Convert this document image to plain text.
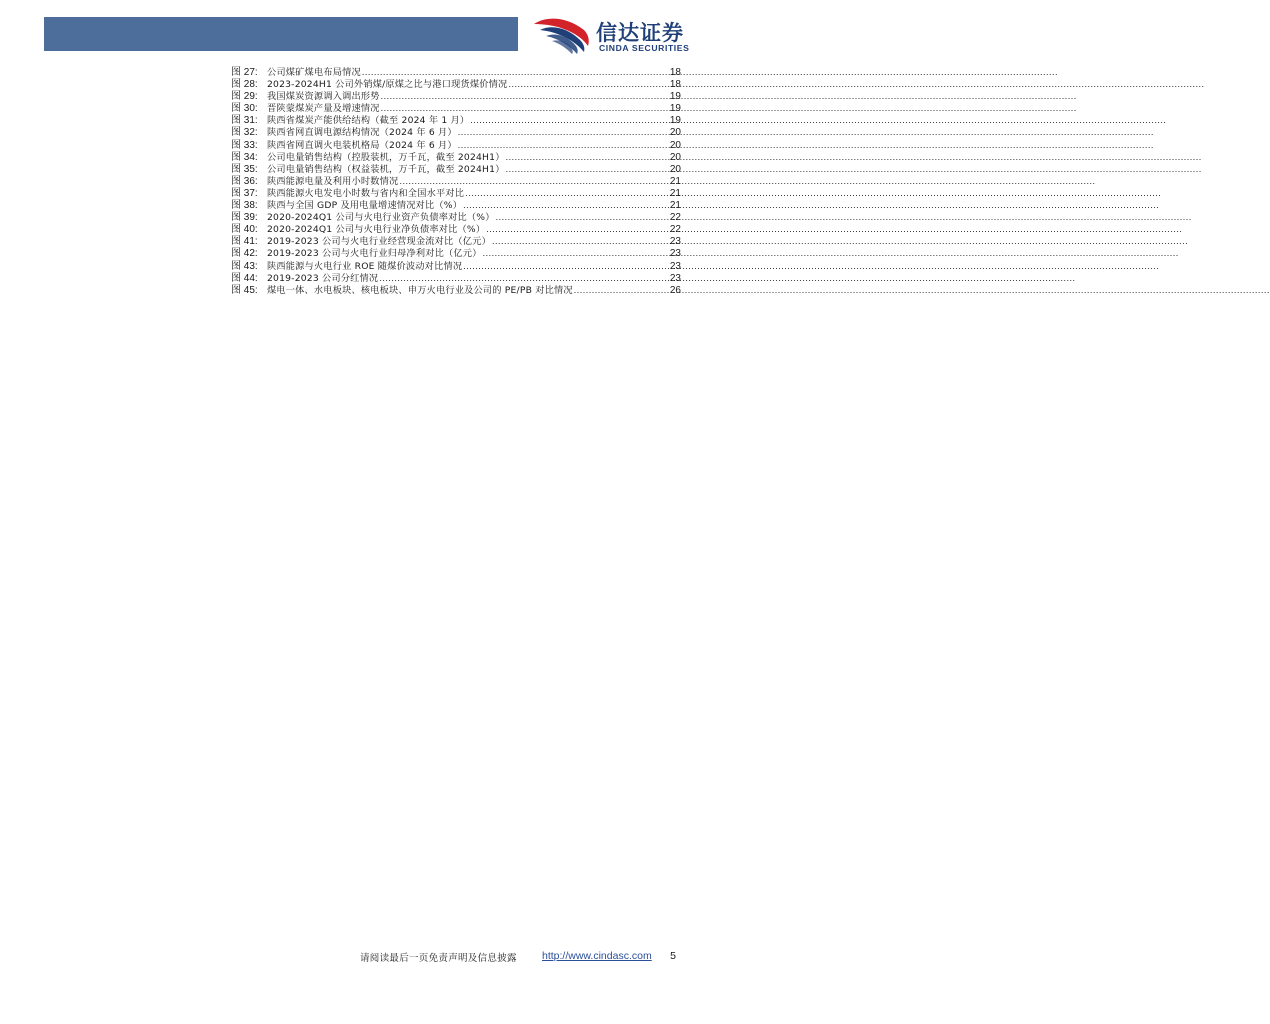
信达证券
CINDA SECURITIES
图 27:	公司煤矿煤电布局情况 .....	18
图 28:	2023-2024H1 公司外销煤/原煤之比与港口现货煤价情况 .....	18
图 29:	我国煤炭资源调入调出形势 .....	19
图 30:	晋陕蒙煤炭产量及增速情况 .....	19
图 31:	陕西省煤炭产能供给结构（截至 2024 年 1 月） .....	19
图 32:	陕西省网直调电源结构情况（2024 年 6 月） .....	20
图 33:	陕西省网直调火电装机格局（2024 年 6 月） .....	20
图 34:	公司电量销售结构（控股装机，万千瓦，截至 2024H1） .....	20
图 35:	公司电量销售结构（权益装机，万千瓦，截至 2024H1） .....	20
图 36:	陕西能源电量及利用小时数情况 .....	21
图 37:	陕西能源火电发电小时数与省内和全国水平对比 .....	21
图 38:	陕西与全国 GDP 及用电量增速情况对比（%） .....	21
图 39:	2020-2024Q1 公司与火电行业资产负债率对比（%） .....	22
图 40:	2020-2024Q1 公司与火电行业净负债率对比（%） .....	22
图 41:	2019-2023 公司与火电行业经营现金流对比（亿元） .....	23
图 42:	2019-2023 公司与火电行业归母净利对比（亿元） .....	23
图 43:	陕西能源与火电行业 ROE 随煤价波动对比情况 .....	23
图 44:	2019-2023 公司分红情况 .....	23
图 45:	煤电一体、水电板块、核电板块、申万火电行业及公司的 PE/PB 对比情况 .....	26
请阅读最后一页免责声明及信息披露 http://www.cindasc.com 5
